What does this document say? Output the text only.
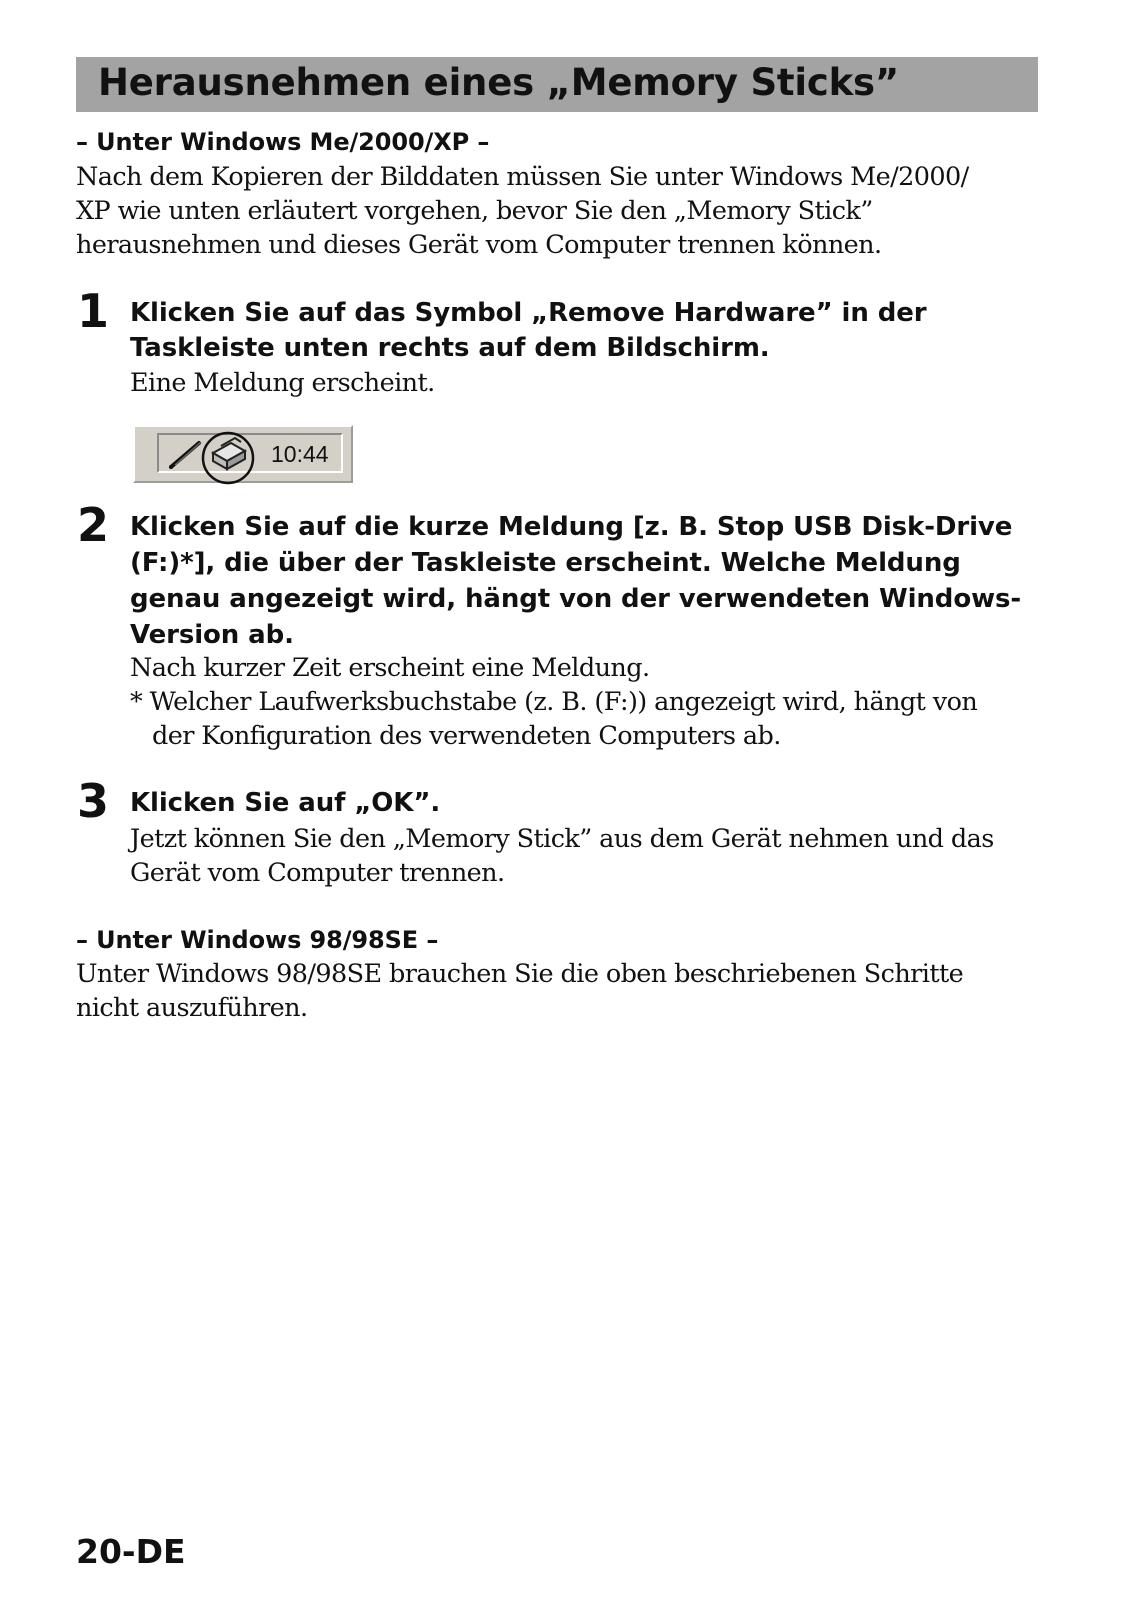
Herausnehmen eines „Memory Sticks”
– Unter Windows Me/2000/XP –
Nach dem Kopieren der Bilddaten müssen Sie unter Windows Me/2000/
XP wie unten erläutert vorgehen, bevor Sie den „Memory Stick”
herausnehmen und dieses Gerät vom Computer trennen können.
1 Klicken Sie auf das Symbol „Remove Hardware” in der
Taskleiste unten rechts auf dem Bildschirm.
Eine Meldung erscheint.
10:44
2 Klicken Sie auf die kurze Meldung [z. B. Stop USB Disk-Drive
(F:)*], die über der Taskleiste erscheint. Welche Meldung
genau angezeigt wird, hängt von der verwendeten Windows-
Version ab.
Nach kurzer Zeit erscheint eine Meldung.
* Welcher Laufwerksbuchstabe (z. B. (F:)) angezeigt wird, hängt von
der Konfiguration des verwendeten Computers ab.
3 Klicken Sie auf „OK”.
Jetzt können Sie den „Memory Stick” aus dem Gerät nehmen und das
Gerät vom Computer trennen.
– Unter Windows 98/98SE –
Unter Windows 98/98SE brauchen Sie die oben beschriebenen Schritte
nicht auszuführen.
20-DE
